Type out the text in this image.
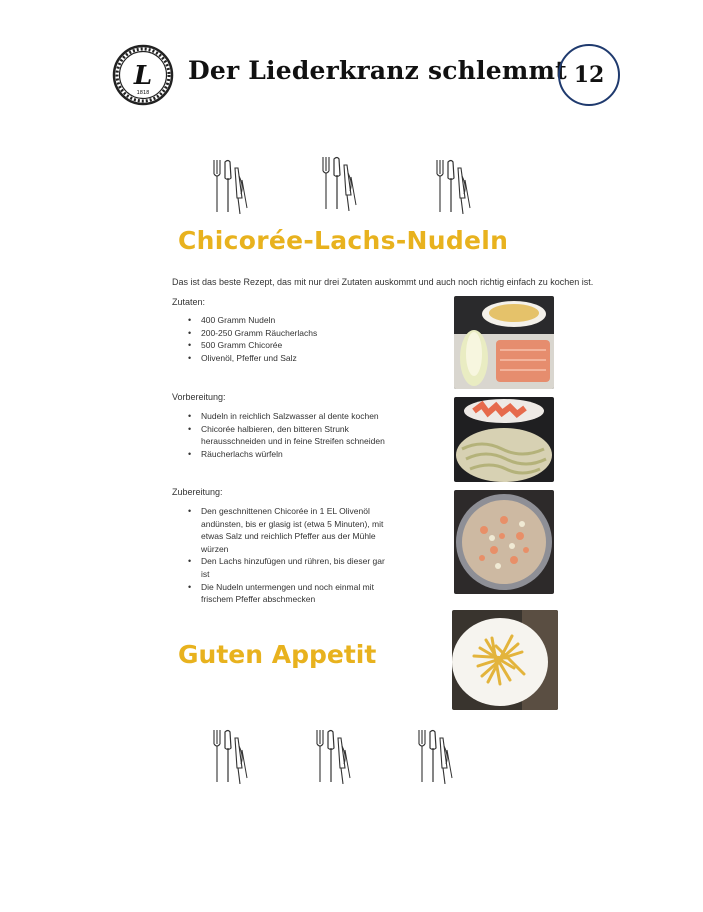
L
1818
Der Liederkranz schlemmt 12
Chicorée-Lachs-Nudeln
Das ist das beste Rezept, das mit nur drei Zutaten auskommt und auch noch richtig einfach zu kochen ist.
Zutaten:
• 400 Gramm Nudeln
• 200-250 Gramm Räucherlachs
• 500 Gramm Chicorée
• Olivenöl, Pfeffer und Salz
Vorbereitung:
• Nudeln in reichlich Salzwasser al dente kochen
• Chicorée halbieren, den bitteren Strunk herausschneiden und in feine Streifen schneiden
• Räucherlachs würfeln
Zubereitung:
• Den geschnittenen Chicorée in 1 EL Olivenöl andünsten, bis er glasig ist (etwa 5 Minuten), mit etwas Salz und reichlich Pfeffer aus der Mühle würzen
• Den Lachs hinzufügen und rühren, bis dieser gar ist
• Die Nudeln untermengen und noch einmal mit frischem Pfeffer abschmecken
Guten Appetit
